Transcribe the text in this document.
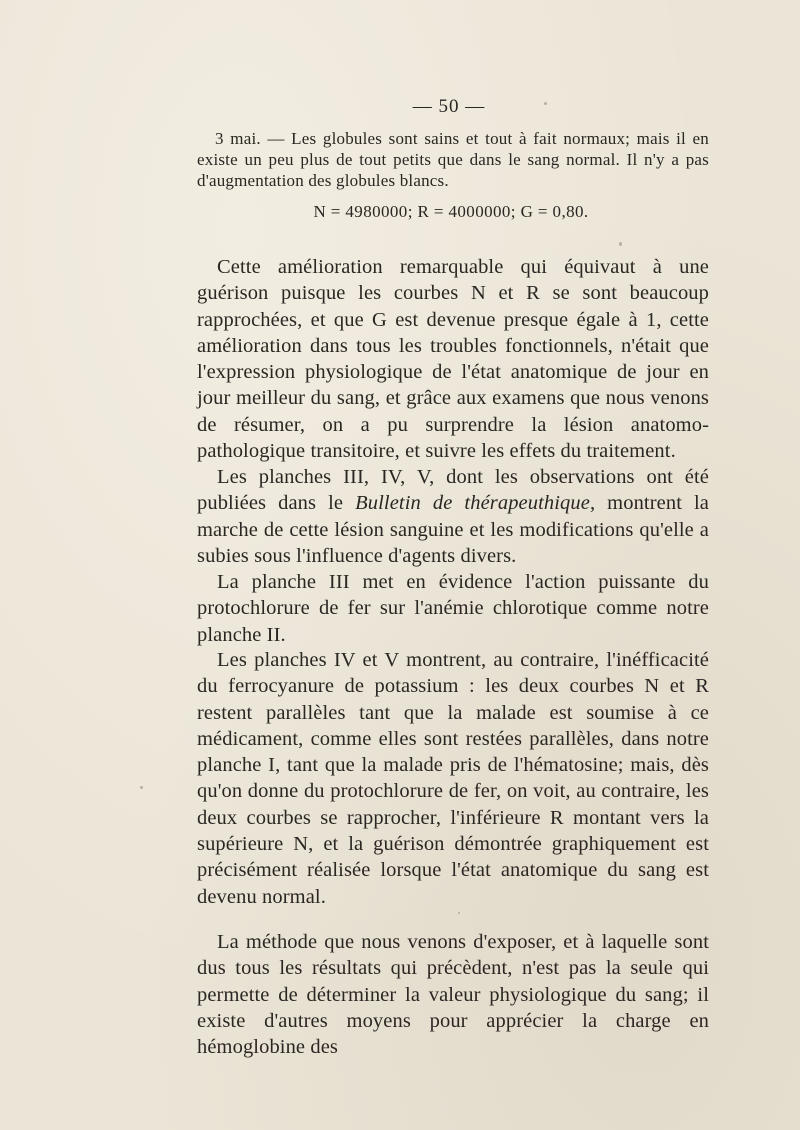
— 50 —

3 mai. — Les globules sont sains et tout à fait normaux; mais il en existe un peu plus de tout petits que dans le sang normal. Il n'y a pas d'augmentation des globules blancs.

N = 4980000; R = 4000000; G = 0,80.

Cette amélioration remarquable qui équivaut à une guérison puisque les courbes N et R se sont beaucoup rapprochées, et que G est devenue presque égale à 1, cette amélioration dans tous les troubles fonctionnels, n'était que l'expression physiologique de l'état anatomique de jour en jour meilleur du sang, et grâce aux examens que nous venons de résumer, on a pu surprendre la lésion anatomo-pathologique transitoire, et suivre les effets du traitement.

Les planches III, IV, V, dont les observations ont été publiées dans le Bulletin de thérapeuthique, montrent la marche de cette lésion sanguine et les modifications qu'elle a subies sous l'influence d'agents divers.

La planche III met en évidence l'action puissante du protochlorure de fer sur l'anémie chlorotique comme notre planche II.

Les planches IV et V montrent, au contraire, l'inéfficacité du ferrocyanure de potassium : les deux courbes N et R restent parallèles tant que la malade est soumise à ce médicament, comme elles sont restées parallèles, dans notre planche I, tant que la malade pris de l'hématosine; mais, dès qu'on donne du protochlorure de fer, on voit, au contraire, les deux courbes se rapprocher, l'inférieure R montant vers la supérieure N, et la guérison démontrée graphiquement est précisément réalisée lorsque l'état anatomique du sang est devenu normal.

La méthode que nous venons d'exposer, et à laquelle sont dus tous les résultats qui précèdent, n'est pas la seule qui permette de déterminer la valeur physiologique du sang; il existe d'autres moyens pour apprécier la charge en hémoglobine des
